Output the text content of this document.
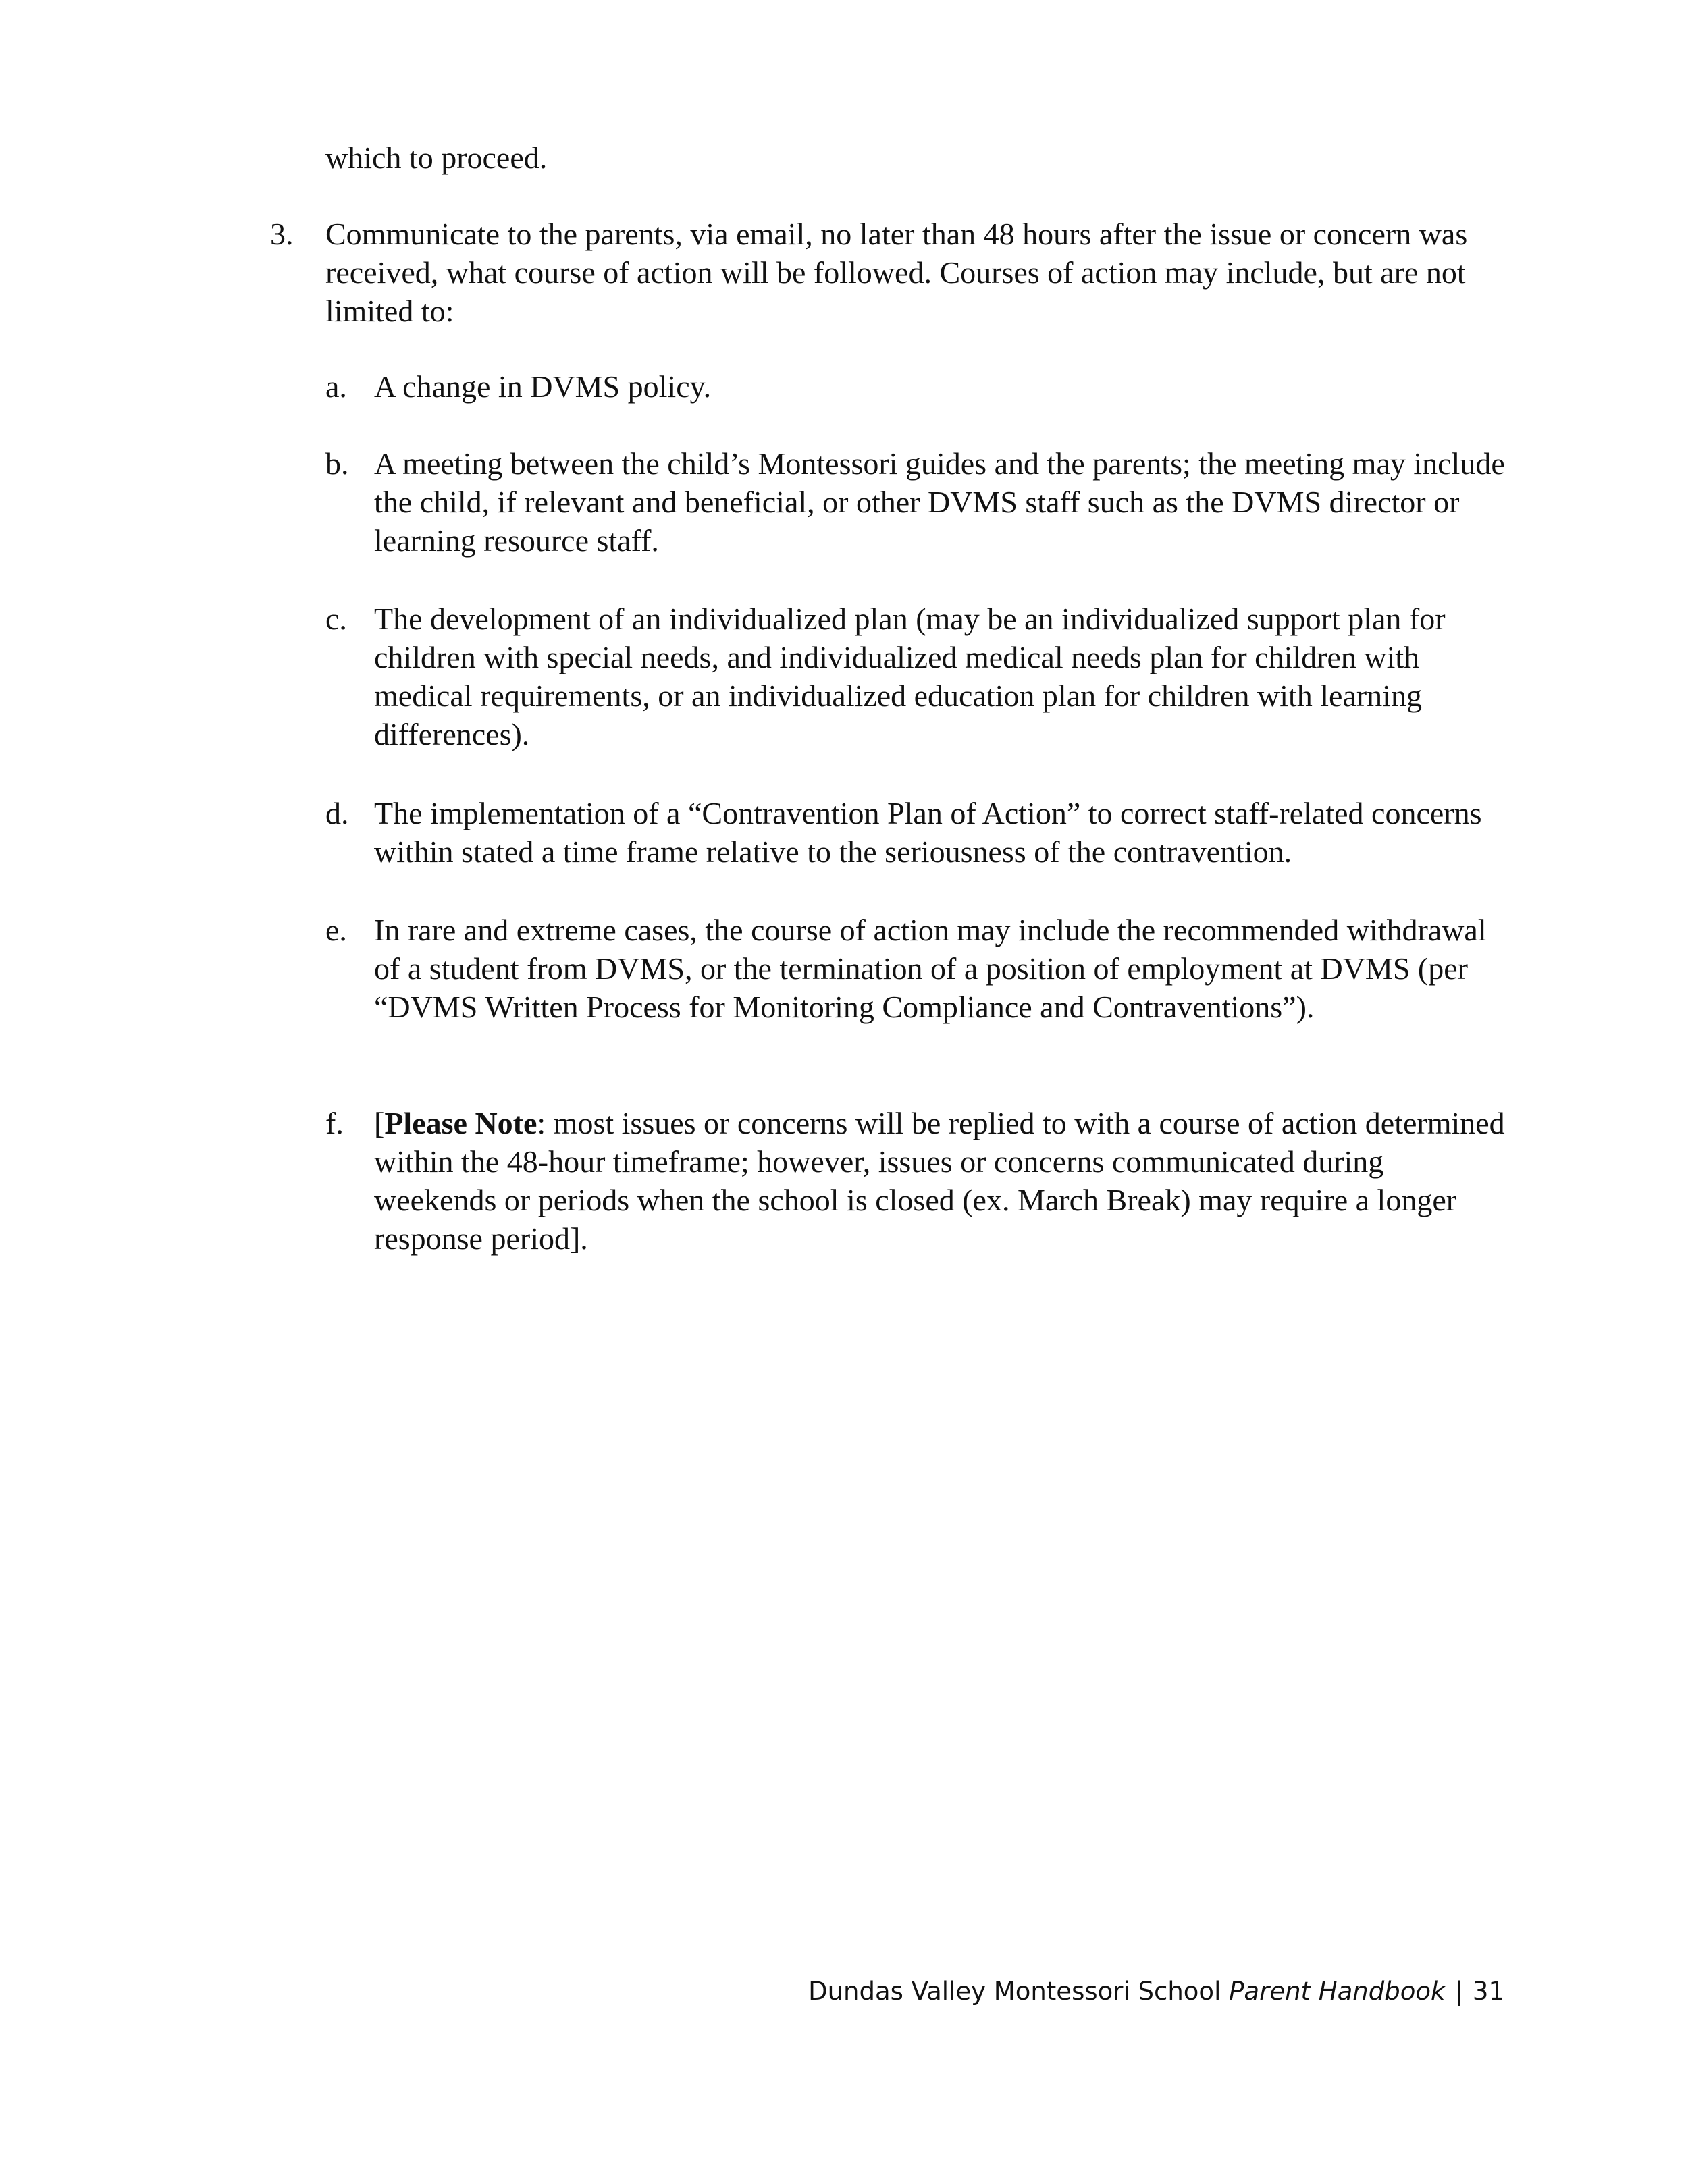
which to proceed.

3.	Communicate to the parents, via email, no later than 48 hours after the issue or concern was received, what course of action will be followed. Courses of action may include, but are not limited to:
a. A change in DVMS policy.
b. A meeting between the child’s Montessori guides and the parents; the meeting may include the child, if relevant and beneficial, or other DVMS staff such as the DVMS director or learning resource staff.
c. The development of an individualized plan (may be an individualized support plan for children with special needs, and individualized medical needs plan for children with medical requirements, or an individualized education plan for children with learning differences).
d. The implementation of a “Contravention Plan of Action” to correct staff-related concerns within stated a time frame relative to the seriousness of the contravention.
e. In rare and extreme cases, the course of action may include the recommended withdrawal of a student from DVMS, or the termination of a position of employment at DVMS (per “DVMS Written Process for Monitoring Compliance and Contraventions”).
f. [Please Note: most issues or concerns will be replied to with a course of action determined within the 48-hour timeframe; however, issues or concerns communicated during weekends or periods when the school is closed (ex. March Break) may require a longer response period].
Dundas Valley Montessori School Parent Handbook | 31
